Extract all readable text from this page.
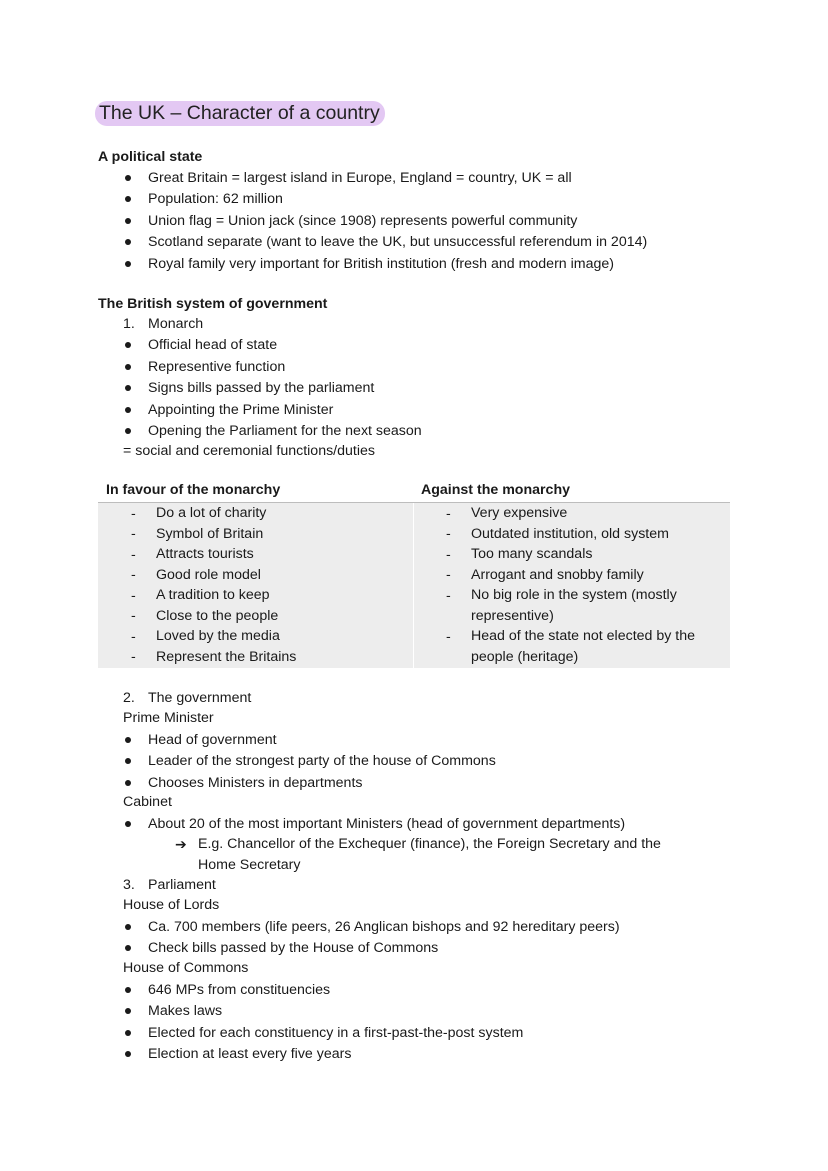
The UK – Character of a country
A political state
Great Britain = largest island in Europe, England = country, UK = all
Population: 62 million
Union flag = Union jack (since 1908) represents powerful community
Scotland separate (want to leave the UK, but unsuccessful referendum in 2014)
Royal family very important for British institution (fresh and modern image)
The British system of government
1. Monarch
Official head of state
Representive function
Signs bills passed by the parliament
Appointing the Prime Minister
Opening the Parliament for the next season
= social and ceremonial functions/duties
In favour of the monarchy	Against the monarchy
- Do a lot of charity
- Symbol of Britain
- Attracts tourists
- Good role model
- A tradition to keep
- Close to the people
- Loved by the media
- Represent the Britains
- Very expensive
- Outdated institution, old system
- Too many scandals
- Arrogant and snobby family
- No big role in the system (mostly
representive)
- Head of the state not elected by the
people (heritage)
2. The government
Prime Minister
Head of government
Leader of the strongest party of the house of Commons
Chooses Ministers in departments
Cabinet
About 20 of the most important Ministers (head of government departments)
➔ E.g. Chancellor of the Exchequer (finance), the Foreign Secretary and the
Home Secretary
3. Parliament
House of Lords
Ca. 700 members (life peers, 26 Anglican bishops and 92 hereditary peers)
Check bills passed by the House of Commons
House of Commons
646 MPs from constituencies
Makes laws
Elected for each constituency in a first-past-the-post system
Election at least every five years
